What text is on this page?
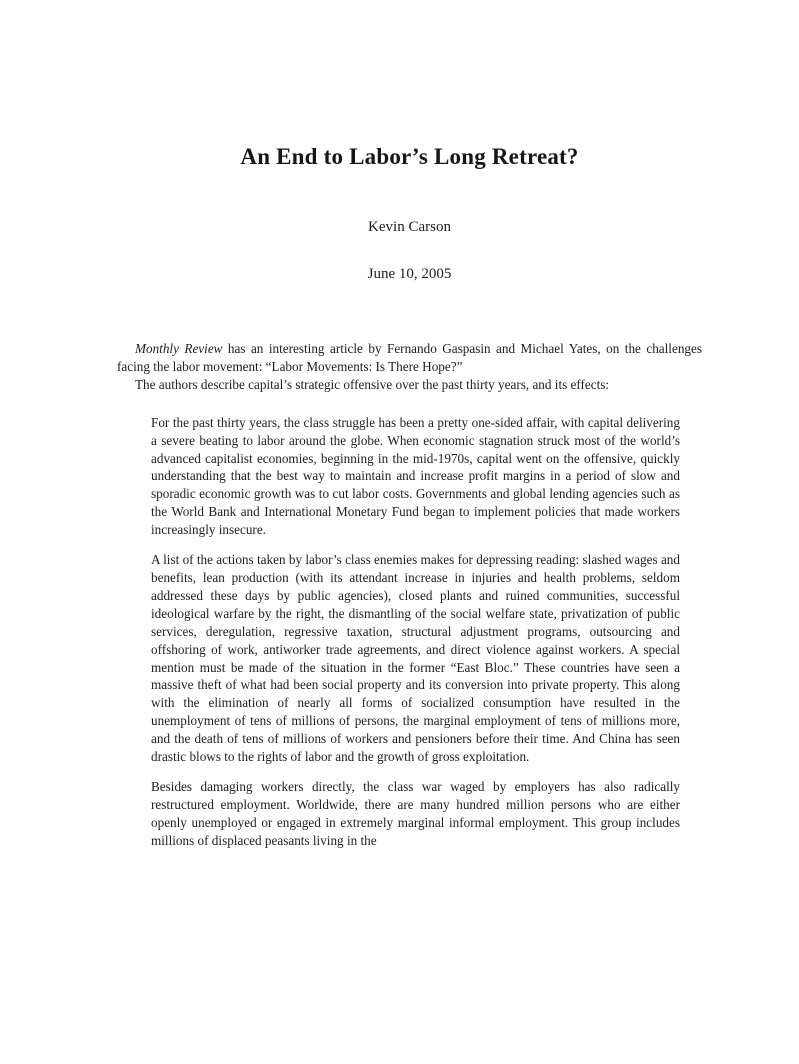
An End to Labor’s Long Retreat?
Kevin Carson
June 10, 2005

Monthly Review has an interesting article by Fernando Gaspasin and Michael Yates, on the challenges facing the labor movement: “Labor Movements: Is There Hope?”

The authors describe capital’s strategic offensive over the past thirty years, and its effects:

For the past thirty years, the class struggle has been a pretty one-sided affair, with capital delivering a severe beating to labor around the globe. When economic stagnation struck most of the world’s advanced capitalist economies, beginning in the mid-1970s, capital went on the offensive, quickly understanding that the best way to maintain and increase profit margins in a period of slow and sporadic economic growth was to cut labor costs. Governments and global lending agencies such as the World Bank and International Monetary Fund began to implement policies that made workers increasingly insecure.

A list of the actions taken by labor’s class enemies makes for depressing reading: slashed wages and benefits, lean production (with its attendant increase in injuries and health problems, seldom addressed these days by public agencies), closed plants and ruined communities, successful ideological warfare by the right, the dismantling of the social welfare state, privatization of public services, deregulation, regressive taxation, structural adjustment programs, outsourcing and offshoring of work, antiworker trade agreements, and direct violence against workers. A special mention must be made of the situation in the former “East Bloc.” These countries have seen a massive theft of what had been social property and its conversion into private property. This along with the elimination of nearly all forms of socialized consumption have resulted in the unemployment of tens of millions of persons, the marginal employment of tens of millions more, and the death of tens of millions of workers and pensioners before their time. And China has seen drastic blows to the rights of labor and the growth of gross exploitation.

Besides damaging workers directly, the class war waged by employers has also radically restructured employment. Worldwide, there are many hundred million persons who are either openly unemployed or engaged in extremely marginal informal employment. This group includes millions of displaced peasants living in the
